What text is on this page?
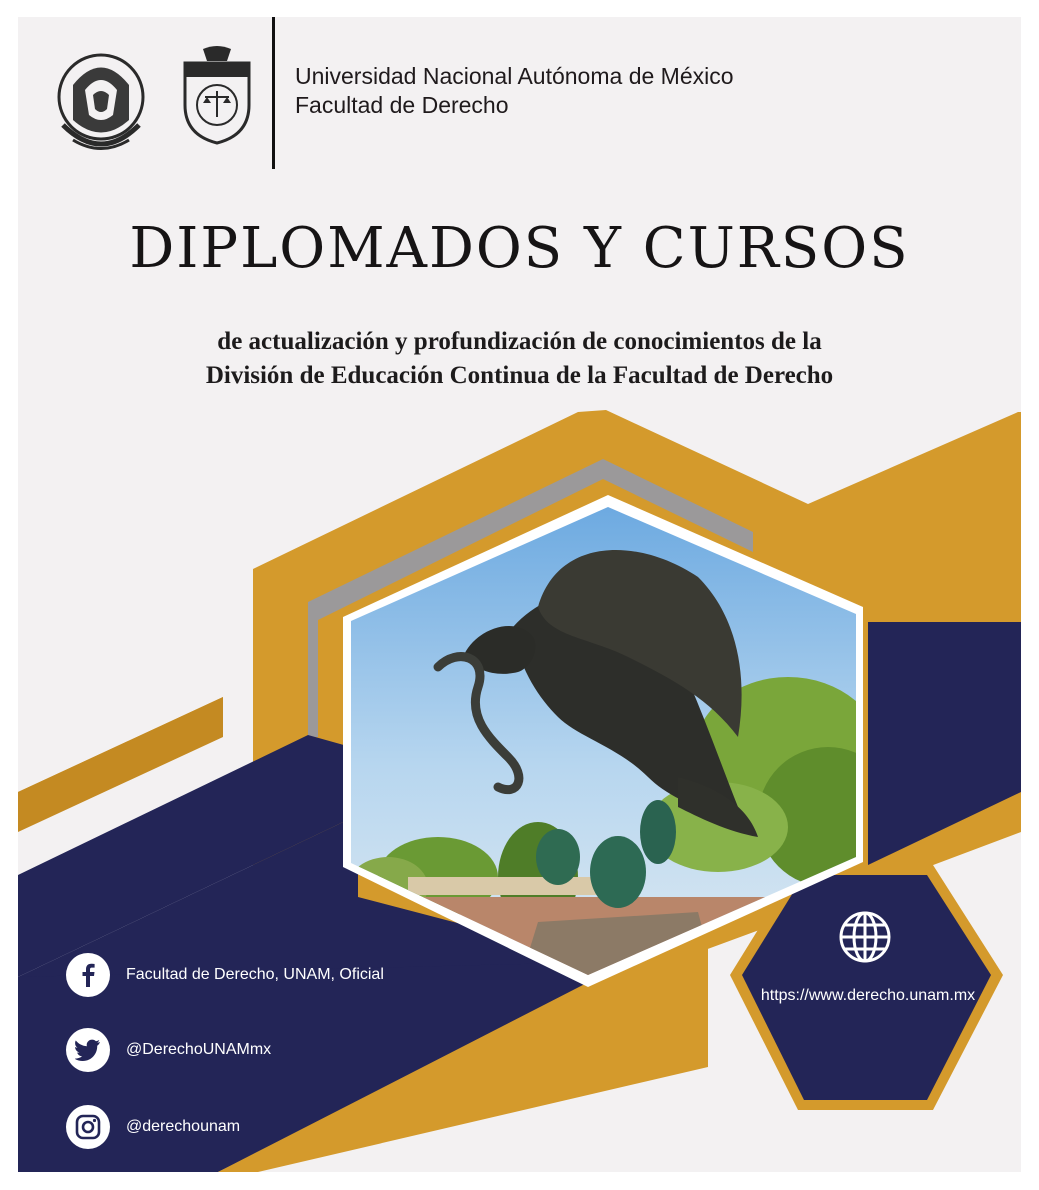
Universidad Nacional Autónoma de México
Facultad de Derecho
DIPLOMADOS Y CURSOS
de actualización y profundización de conocimientos de la
División de Educación Continua de la Facultad de Derecho
Facultad de Derecho, UNAM, Oficial
@DerechoUNAMmx
@derechounam
https://www.derecho.unam.mx
